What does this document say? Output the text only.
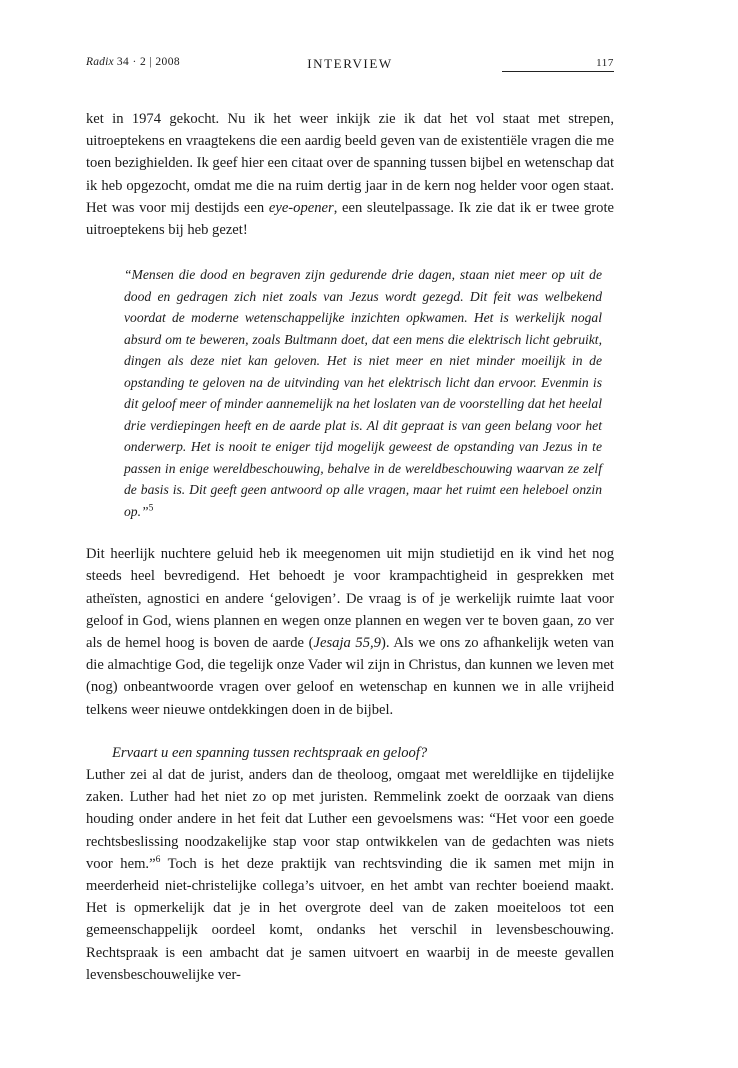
Radix 34 · 2 | 2008	INTERVIEW	117

ket in 1974 gekocht. Nu ik het weer inkijk zie ik dat het vol staat met strepen, uitroeptekens en vraagtekens die een aardig beeld geven van de existentiële vragen die me toen bezighielden. Ik geef hier een citaat over de spanning tussen bijbel en wetenschap dat ik heb opgezocht, omdat me die na ruim dertig jaar in de kern nog helder voor ogen staat. Het was voor mij destijds een eye-opener, een sleutelpassage. Ik zie dat ik er twee grote uitroeptekens bij heb gezet!

“Mensen die dood en begraven zijn gedurende drie dagen, staan niet meer op uit de dood en gedragen zich niet zoals van Jezus wordt gezegd. Dit feit was welbekend voordat de moderne wetenschappelijke inzichten opkwamen. Het is werkelijk nogal absurd om te beweren, zoals Bultmann doet, dat een mens die elektrisch licht gebruikt, dingen als deze niet kan geloven. Het is niet meer en niet minder moeilijk in de opstanding te geloven na de uitvinding van het elektrisch licht dan ervoor. Evenmin is dit geloof meer of minder aannemelijk na het loslaten van de voorstelling dat het heelal drie verdiepingen heeft en de aarde plat is. Al dit gepraat is van geen belang voor het onderwerp. Het is nooit te eniger tijd mogelijk geweest de opstanding van Jezus in te passen in enige wereldbeschouwing, behalve in de wereldbeschouwing waarvan ze zelf de basis is. Dit geeft geen antwoord op alle vragen, maar het ruimt een heleboel onzin op.”$^5$

Dit heerlijk nuchtere geluid heb ik meegenomen uit mijn studietijd en ik vind het nog steeds heel bevredigend. Het behoedt je voor krampachtigheid in gesprekken met atheïsten, agnostici en andere ‘gelovigen’. De vraag is of je werkelijk ruimte laat voor geloof in God, wiens plannen en wegen onze plannen en wegen ver te boven gaan, zo ver als de hemel hoog is boven de aarde (Jesaja 55,9). Als we ons zo afhankelijk weten van die almachtige God, die tegelijk onze Vader wil zijn in Christus, dan kunnen we leven met (nog) onbeantwoorde vragen over geloof en wetenschap en kunnen we in alle vrijheid telkens weer nieuwe ontdekkingen doen in de bijbel.

Ervaart u een spanning tussen rechtspraak en geloof?

Luther zei al dat de jurist, anders dan de theoloog, omgaat met wereldlijke en tijdelijke zaken. Luther had het niet zo op met juristen. Remmelink zoekt de oorzaak van diens houding onder andere in het feit dat Luther een gevoelsmens was: “Het voor een goede rechtsbeslissing noodzakelijke stap voor stap ontwikkelen van de gedachten was niets voor hem.”$^6$ Toch is het deze praktijk van rechtsvinding die ik samen met mijn in meerderheid niet-christelijke collega’s uitvoer, en het ambt van rechter boeiend maakt. Het is opmerkelijk dat je in het overgrote deel van de zaken moeiteloos tot een gemeenschappelijk oordeel komt, ondanks het verschil in levensbeschouwing. Rechtspraak is een ambacht dat je samen uitvoert en waarbij in de meeste gevallen levensbeschouwelijke ver-
